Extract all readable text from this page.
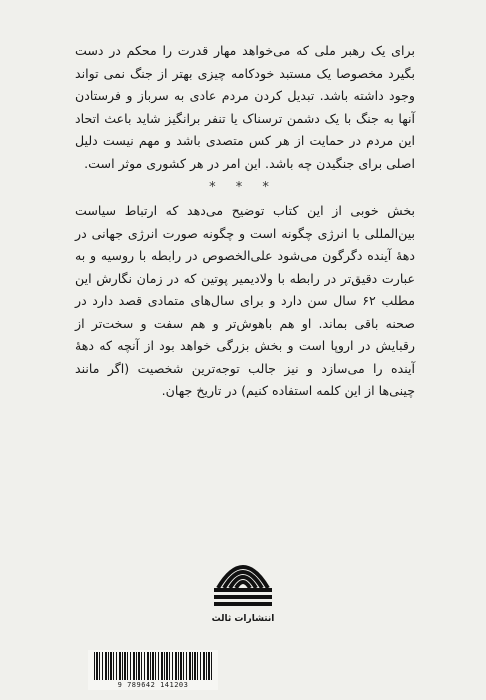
برای یک رهبر ملی که می‌خواهد مهار قدرت را محکم در دست بگیرد مخصوصا یک مستبد خودکامه چیزی بهتر از جنگ نمی تواند وجود داشته باشد. تبدیل کردن مردم عادی به سرباز و فرستادن آنها به جنگ با یک دشمن ترسناک یا تنفر برانگیز شاید باعث اتحاد این مردم در حمایت از هر کس متصدی باشد و مهم نیست دلیل اصلی برای جنگیدن چه باشد. این امر در هر کشوری موثر است.
* * *
بخش خوبی از این کتاب توضیح می‌دهد که ارتباط سیاست بین‌المللی با انرژی چگونه است و چگونه صورت انرژی جهانی در دهۀ آینده دگرگون می‌شود علی‌الخصوص در رابطه با روسیه و به عبارت دقیق‌تر در رابطه با ولادیمیر پوتین که در زمان نگارش این مطلب ۶۲ سال سن دارد و برای سال‌های متمادی قصد دارد در صحنه باقی بماند. او هم باهوش‌تر و هم سفت و سخت‌تر از رقبایش در اروپا است و بخش بزرگی خواهد بود از آنچه که دهۀ آینده را می‌سازد و نیز جالب توجه‌ترین شخصیت (اگر مانند چینی‌ها از این کلمه استفاده کنیم) در تاریخ جهان.
انتشارات ثالث
9 789642 141203
